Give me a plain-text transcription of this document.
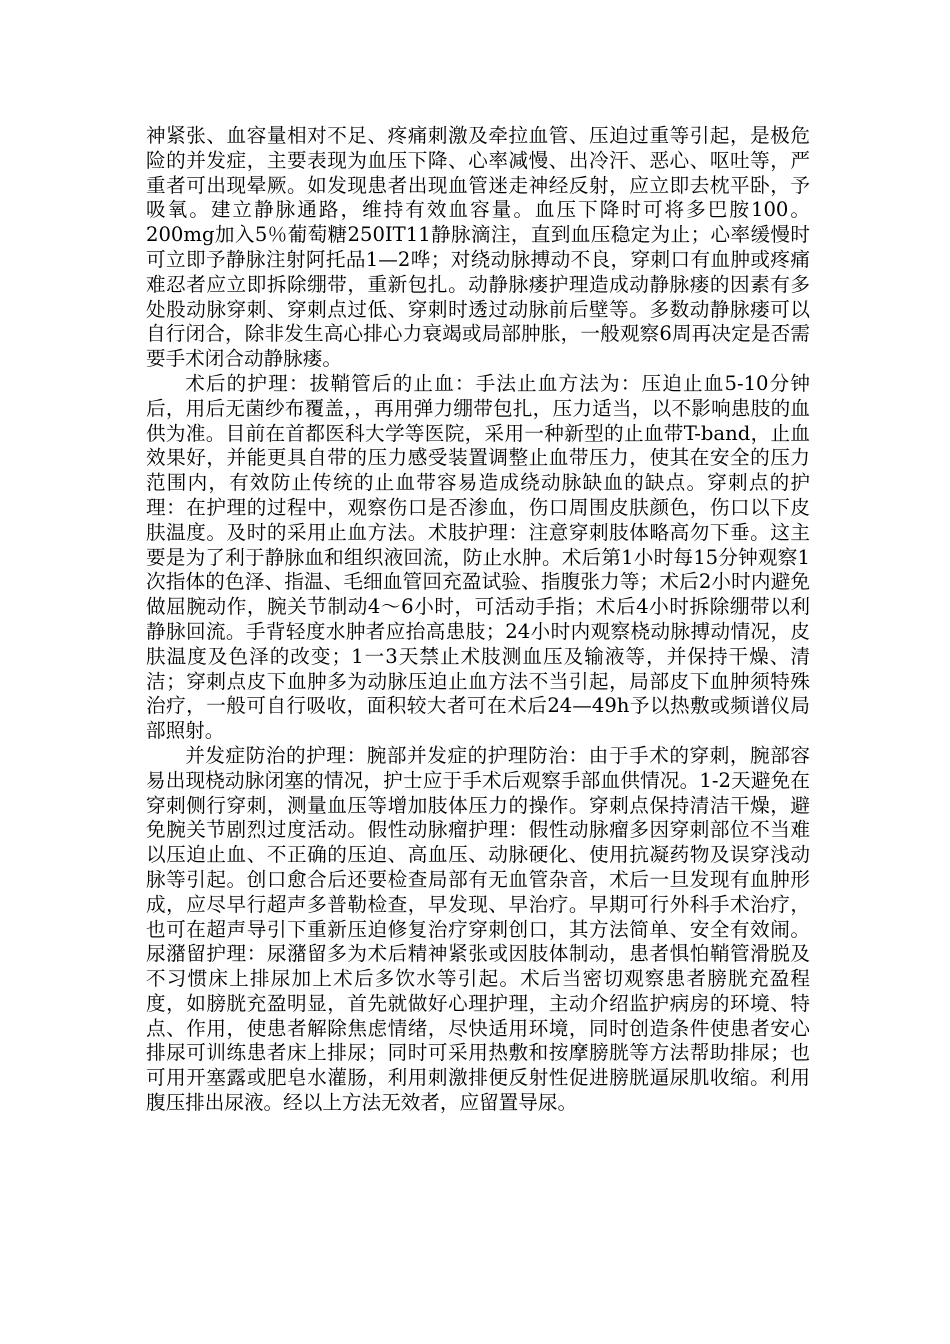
神紧张、血容量相对不足、疼痛刺激及牵拉血管、压迫过重等引起，是极危险的并发症，主要表现为血压下降、心率减慢、出冷汗、恶心、呕吐等，严重者可出现晕厥。如发现患者出现血管迷走神经反射，应立即去枕平卧，予吸氧。建立静脉通路，维持有效血容量。血压下降时可将多巴胺100。200mg加入5％葡萄糖250IT11静脉滴注，直到血压稳定为止；心率缓慢时可立即予静脉注射阿托品1—2哗；对绕动脉搏动不良，穿刺口有血肿或疼痛难忍者应立即拆除绷带，重新包扎。动静脉瘘护理造成动静脉瘘的因素有多处股动脉穿刺、穿刺点过低、穿刺时透过动脉前后壁等。多数动静脉瘘可以自行闭合，除非发生高心排心力衰竭或局部肿胀，一般观察6周再决定是否需要手术闭合动静脉瘘。

术后的护理：拔鞘管后的止血：手法止血方法为：压迫止血5-10分钟后，用后无菌纱布覆盖，，再用弹力绷带包扎，压力适当，以不影响患肢的血供为准。目前在首都医科大学等医院，采用一种新型的止血带T-band，止血效果好，并能更具自带的压力感受装置调整止血带压力，使其在安全的压力范围内，有效防止传统的止血带容易造成绕动脉缺血的缺点。穿刺点的护理：在护理的过程中，观察伤口是否渗血，伤口周围皮肤颜色，伤口以下皮肤温度。及时的采用止血方法。术肢护理：注意穿刺肢体略高勿下垂。这主要是为了利于静脉血和组织液回流，防止水肿。术后第1小时每15分钟观察1次指体的色泽、指温、毛细血管回充盈试验、指腹张力等；术后2小时内避免做屈腕动作，腕关节制动4～6小时，可活动手指；术后4小时拆除绷带以利静脉回流。手背轻度水肿者应抬高患肢；24小时内观察桡动脉搏动情况，皮肤温度及色泽的改变；1一3天禁止术肢测血压及输液等，并保持干燥、清洁；穿刺点皮下血肿多为动脉压迫止血方法不当引起，局部皮下血肿须特殊治疗，一般可自行吸收，面积较大者可在术后24—49h予以热敷或频谱仪局部照射。

并发症防治的护理：腕部并发症的护理防治：由于手术的穿刺，腕部容易出现桡动脉闭塞的情况，护士应于手术后观察手部血供情况。1-2天避免在穿刺侧行穿刺，测量血压等增加肢体压力的操作。穿刺点保持清洁干燥，避免腕关节剧烈过度活动。假性动脉瘤护理：假性动脉瘤多因穿刺部位不当难以压迫止血、不正确的压迫、高血压、动脉硬化、使用抗凝药物及误穿浅动脉等引起。创口愈合后还要检查局部有无血管杂音，术后一旦发现有血肿形成，应尽早行超声多普勒检查，早发现、早治疗。早期可行外科手术治疗，也可在超声导引下重新压迫修复治疗穿刺创口，其方法简单、安全有效闹。尿潴留护理：尿潴留多为术后精神紧张或因肢体制动，患者惧怕鞘管滑脱及不习惯床上排尿加上术后多饮水等引起。术后当密切观察患者膀胱充盈程度，如膀胱充盈明显，首先就做好心理护理，主动介绍监护病房的环境、特点、作用，使患者解除焦虑情绪，尽快适用环境，同时创造条件使患者安心排尿可训练患者床上排尿；同时可采用热敷和按摩膀胱等方法帮助排尿；也可用开塞露或肥皂水灌肠，利用刺激排便反射性促进膀胱逼尿肌收缩。利用腹压排出尿液。经以上方法无效者，应留置导尿。
